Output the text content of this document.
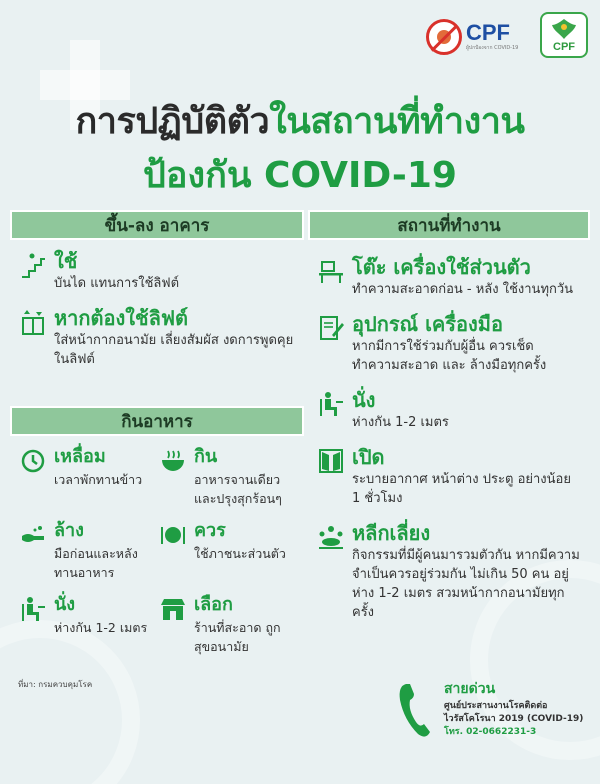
CPF
ผู้ปกป้องจาก COVID-19	CPF
การปฏิบัติตัวในสถานที่ทำงาน
ป้องกัน COVID-19
ขึ้น-ลง อาคาร
ใช้
บันได แทนการใช้ลิฟต์
หากต้องใช้ลิฟต์
ใส่หน้ากากอนามัย เลี่ยงสัมผัส งดการพูดคุยในลิฟต์
กินอาหาร
เหลื่อม
เวลาพักทานข้าว
กิน
อาหารจานเดียว และปรุงสุกร้อนๆ
ล้าง
มือก่อนและหลัง ทานอาหาร
ควร
ใช้ภาชนะส่วนตัว
นั่ง
ห่างกัน 1-2 เมตร
เลือก
ร้านที่สะอาด ถูกสุขอนามัย
สถานที่ทำงาน
โต๊ะ เครื่องใช้ส่วนตัว
ทำความสะอาดก่อน - หลัง ใช้งานทุกวัน
อุปกรณ์ เครื่องมือ
หากมีการใช้ร่วมกับผู้อื่น ควรเช็ดทำความสะอาด และ ล้างมือทุกครั้ง
นั่ง
ห่างกัน 1-2 เมตร
เปิด
ระบายอากาศ หน้าต่าง ประตู อย่างน้อย 1 ชั่วโมง
หลีกเลี่ยง
กิจกรรมที่มีผู้คนมารวมตัวกัน หากมีความจำเป็นควรอยู่ร่วมกัน ไม่เกิน 50 คน อยู่ห่าง 1-2 เมตร สวมหน้ากากอนามัยทุกครั้ง
ที่มา: กรมควบคุมโรค	สายด่วน
ศูนย์ประสานงานโรคติดต่อ
ไวรัสโคโรนา 2019 (COVID-19)
โทร. 02-0662231-3
